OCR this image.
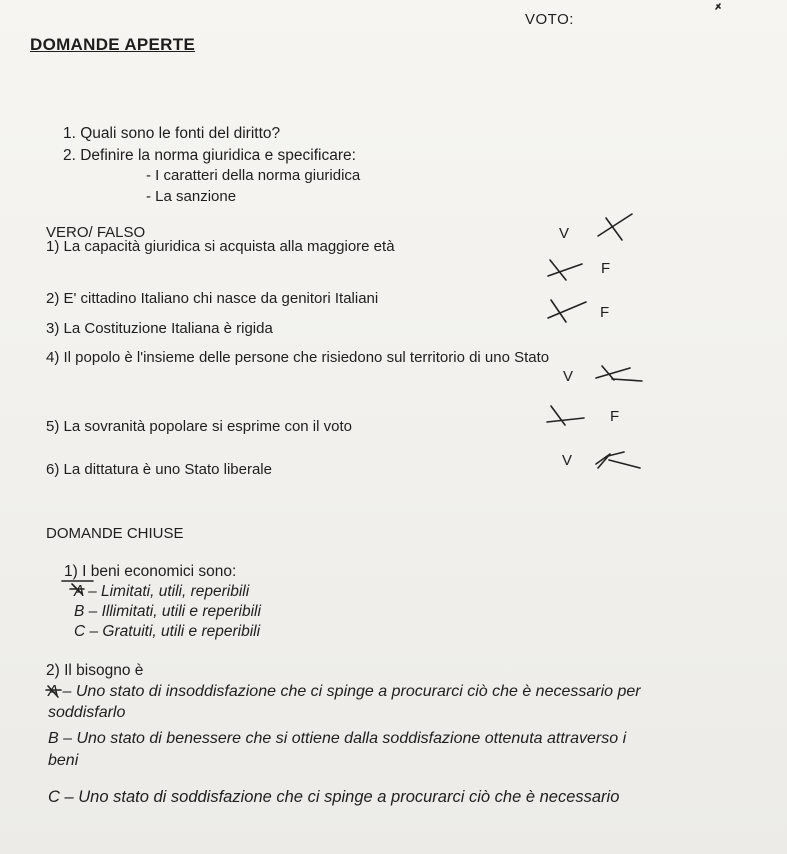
VOTO:
DOMANDE APERTE
1. Quali sono le fonti del diritto?
2. Definire la norma giuridica e specificare:
- I caratteri della norma giuridica
- La sanzione
VERO/ FALSO
1) La capacità giuridica si acquista alla maggiore età
V
2) E' cittadino Italiano chi nasce da genitori Italiani
F
3) La Costituzione Italiana è rigida
F
4) Il popolo è l'insieme delle persone che risiedono sul territorio di uno Stato
V
5) La sovranità popolare si esprime con il voto
F
6) La dittatura è uno Stato liberale
V
DOMANDE CHIUSE
1) I beni economici sono:
A – Limitati, utili, reperibili
B – Illimitati, utili e reperibili
C – Gratuiti, utili e reperibili
2) Il bisogno è
A – Uno stato di insoddisfazione che ci spinge a procurarci ciò che è necessario per
soddisfarlo
B – Uno stato di benessere che si ottiene dalla soddisfazione ottenuta attraverso i
beni
C – Uno stato di soddisfazione che ci spinge a procurarci ciò che è necessario
